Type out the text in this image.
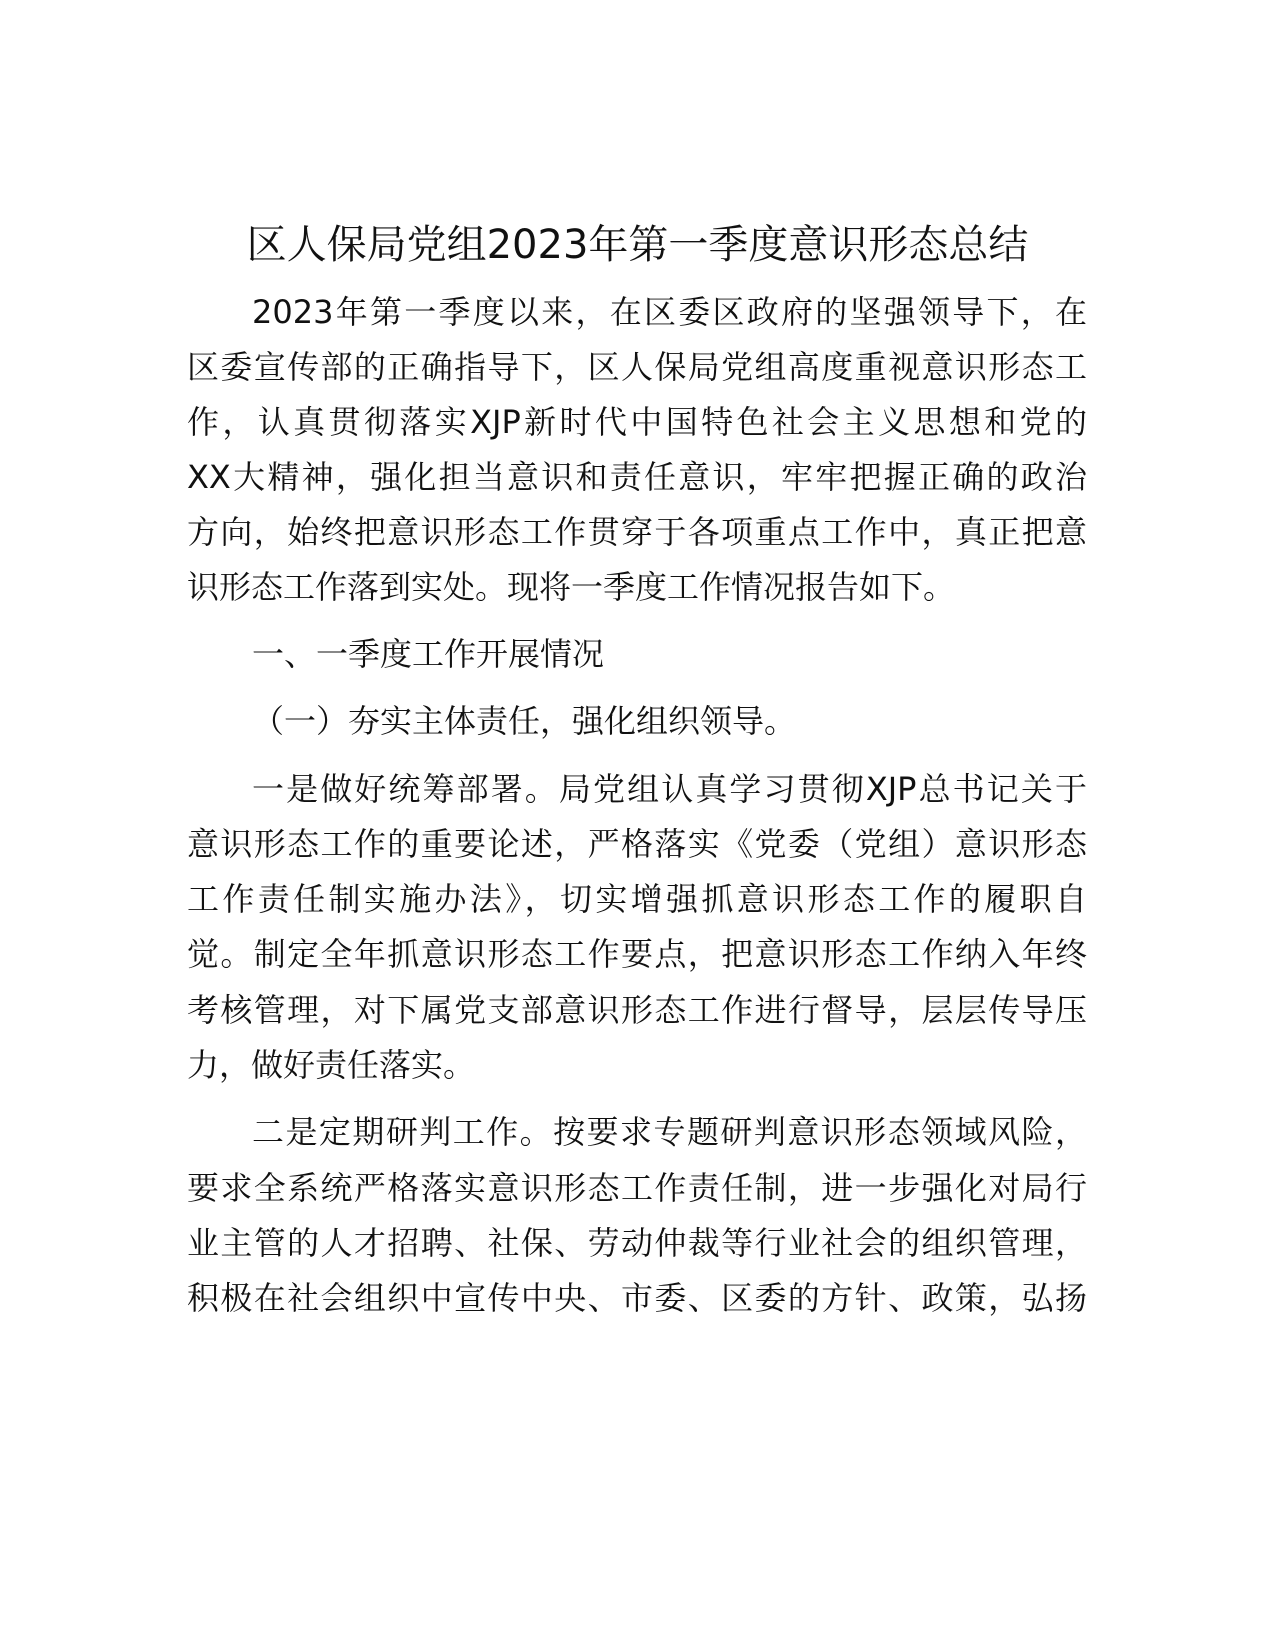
区人保局党组2023年第一季度意识形态总结

2023年第一季度以来，在区委区政府的坚强领导下，在

区委宣传部的正确指导下，区人保局党组高度重视意识形态工

作，认真贯彻落实XJP新时代中国特色社会主义思想和党的

XX大精神，强化担当意识和责任意识，牢牢把握正确的政治

方向，始终把意识形态工作贯穿于各项重点工作中，真正把意

识形态工作落到实处。现将一季度工作情况报告如下。

一、一季度工作开展情况

（一）夯实主体责任，强化组织领导。

一是做好统筹部署。局党组认真学习贯彻XJP总书记关于

意识形态工作的重要论述，严格落实《党委（党组）意识形态

工作责任制实施办法》，切实增强抓意识形态工作的履职自

觉。制定全年抓意识形态工作要点，把意识形态工作纳入年终

考核管理，对下属党支部意识形态工作进行督导，层层传导压

力，做好责任落实。

二是定期研判工作。按要求专题研判意识形态领域风险，

要求全系统严格落实意识形态工作责任制，进一步强化对局行

业主管的人才招聘、社保、劳动仲裁等行业社会的组织管理，

积极在社会组织中宣传中央、市委、区委的方针、政策，弘扬
